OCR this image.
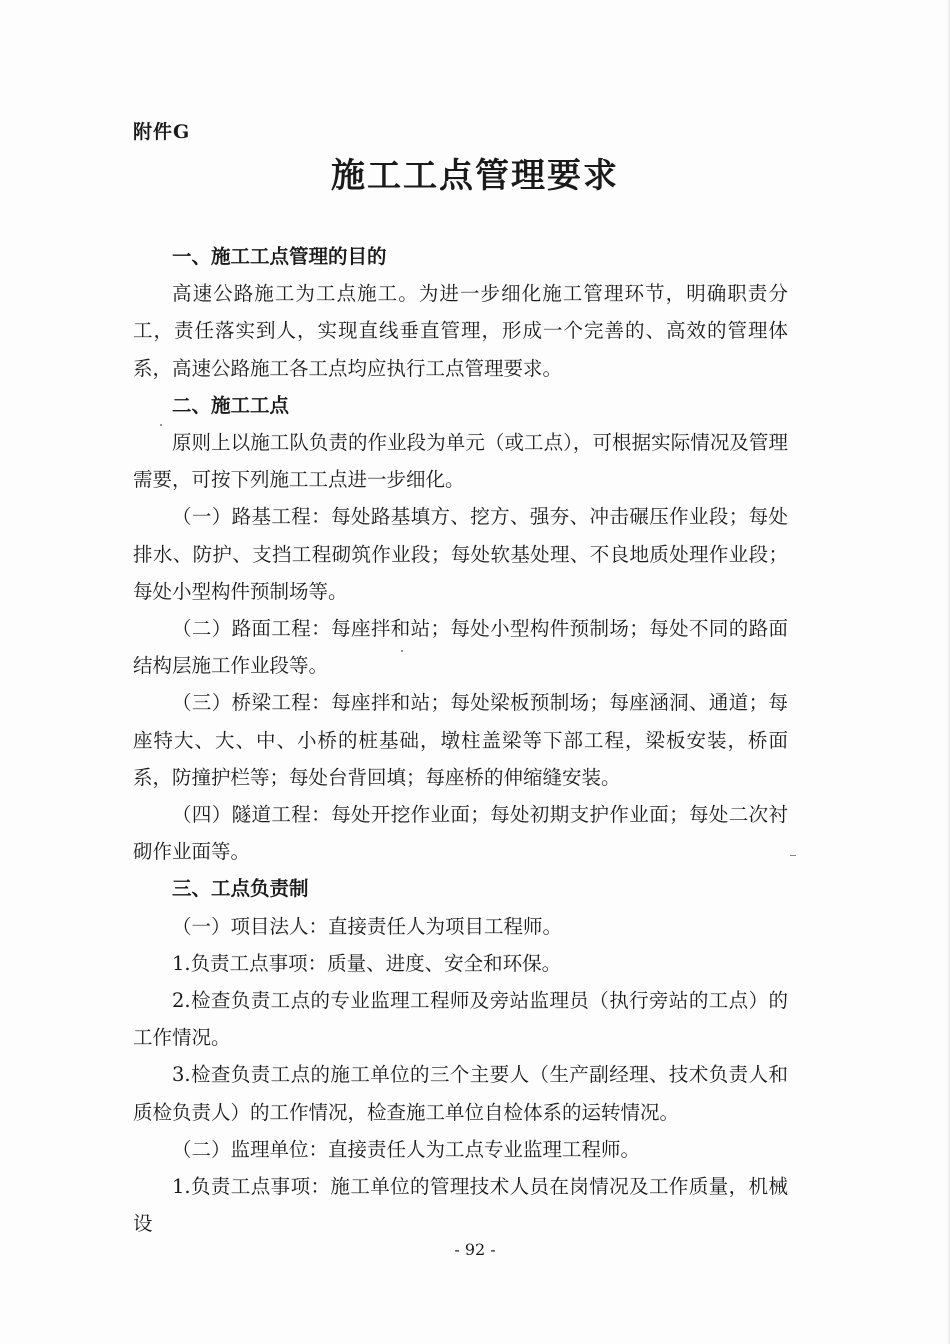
附件G
施工工点管理要求

一、施工工点管理的目的

高速公路施工为工点施工。为进一步细化施工管理环节，明确职责分工，责任落实到人，实现直线垂直管理，形成一个完善的、高效的管理体系，高速公路施工各工点均应执行工点管理要求。

二、施工工点

原则上以施工队负责的作业段为单元（或工点），可根据实际情况及管理需要，可按下列施工工点进一步细化。

（一）路基工程：每处路基填方、挖方、强夯、冲击碾压作业段；每处排水、防护、支挡工程砌筑作业段；每处软基处理、不良地质处理作业段；每处小型构件预制场等。

（二）路面工程：每座拌和站；每处小型构件预制场；每处不同的路面结构层施工作业段等。

（三）桥梁工程：每座拌和站；每处梁板预制场；每座涵洞、通道；每座特大、大、中、小桥的桩基础，墩柱盖梁等下部工程，梁板安装，桥面系，防撞护栏等；每处台背回填；每座桥的伸缩缝安装。

（四）隧道工程：每处开挖作业面；每处初期支护作业面；每处二次衬砌作业面等。

三、工点负责制

（一）项目法人：直接责任人为项目工程师。

1.负责工点事项：质量、进度、安全和环保。

2.检查负责工点的专业监理工程师及旁站监理员（执行旁站的工点）的工作情况。

3.检查负责工点的施工单位的三个主要人（生产副经理、技术负责人和质检负责人）的工作情况，检查施工单位自检体系的运转情况。

（二）监理单位：直接责任人为工点专业监理工程师。

1.负责工点事项：施工单位的管理技术人员在岗情况及工作质量，机械设

- 92 -
